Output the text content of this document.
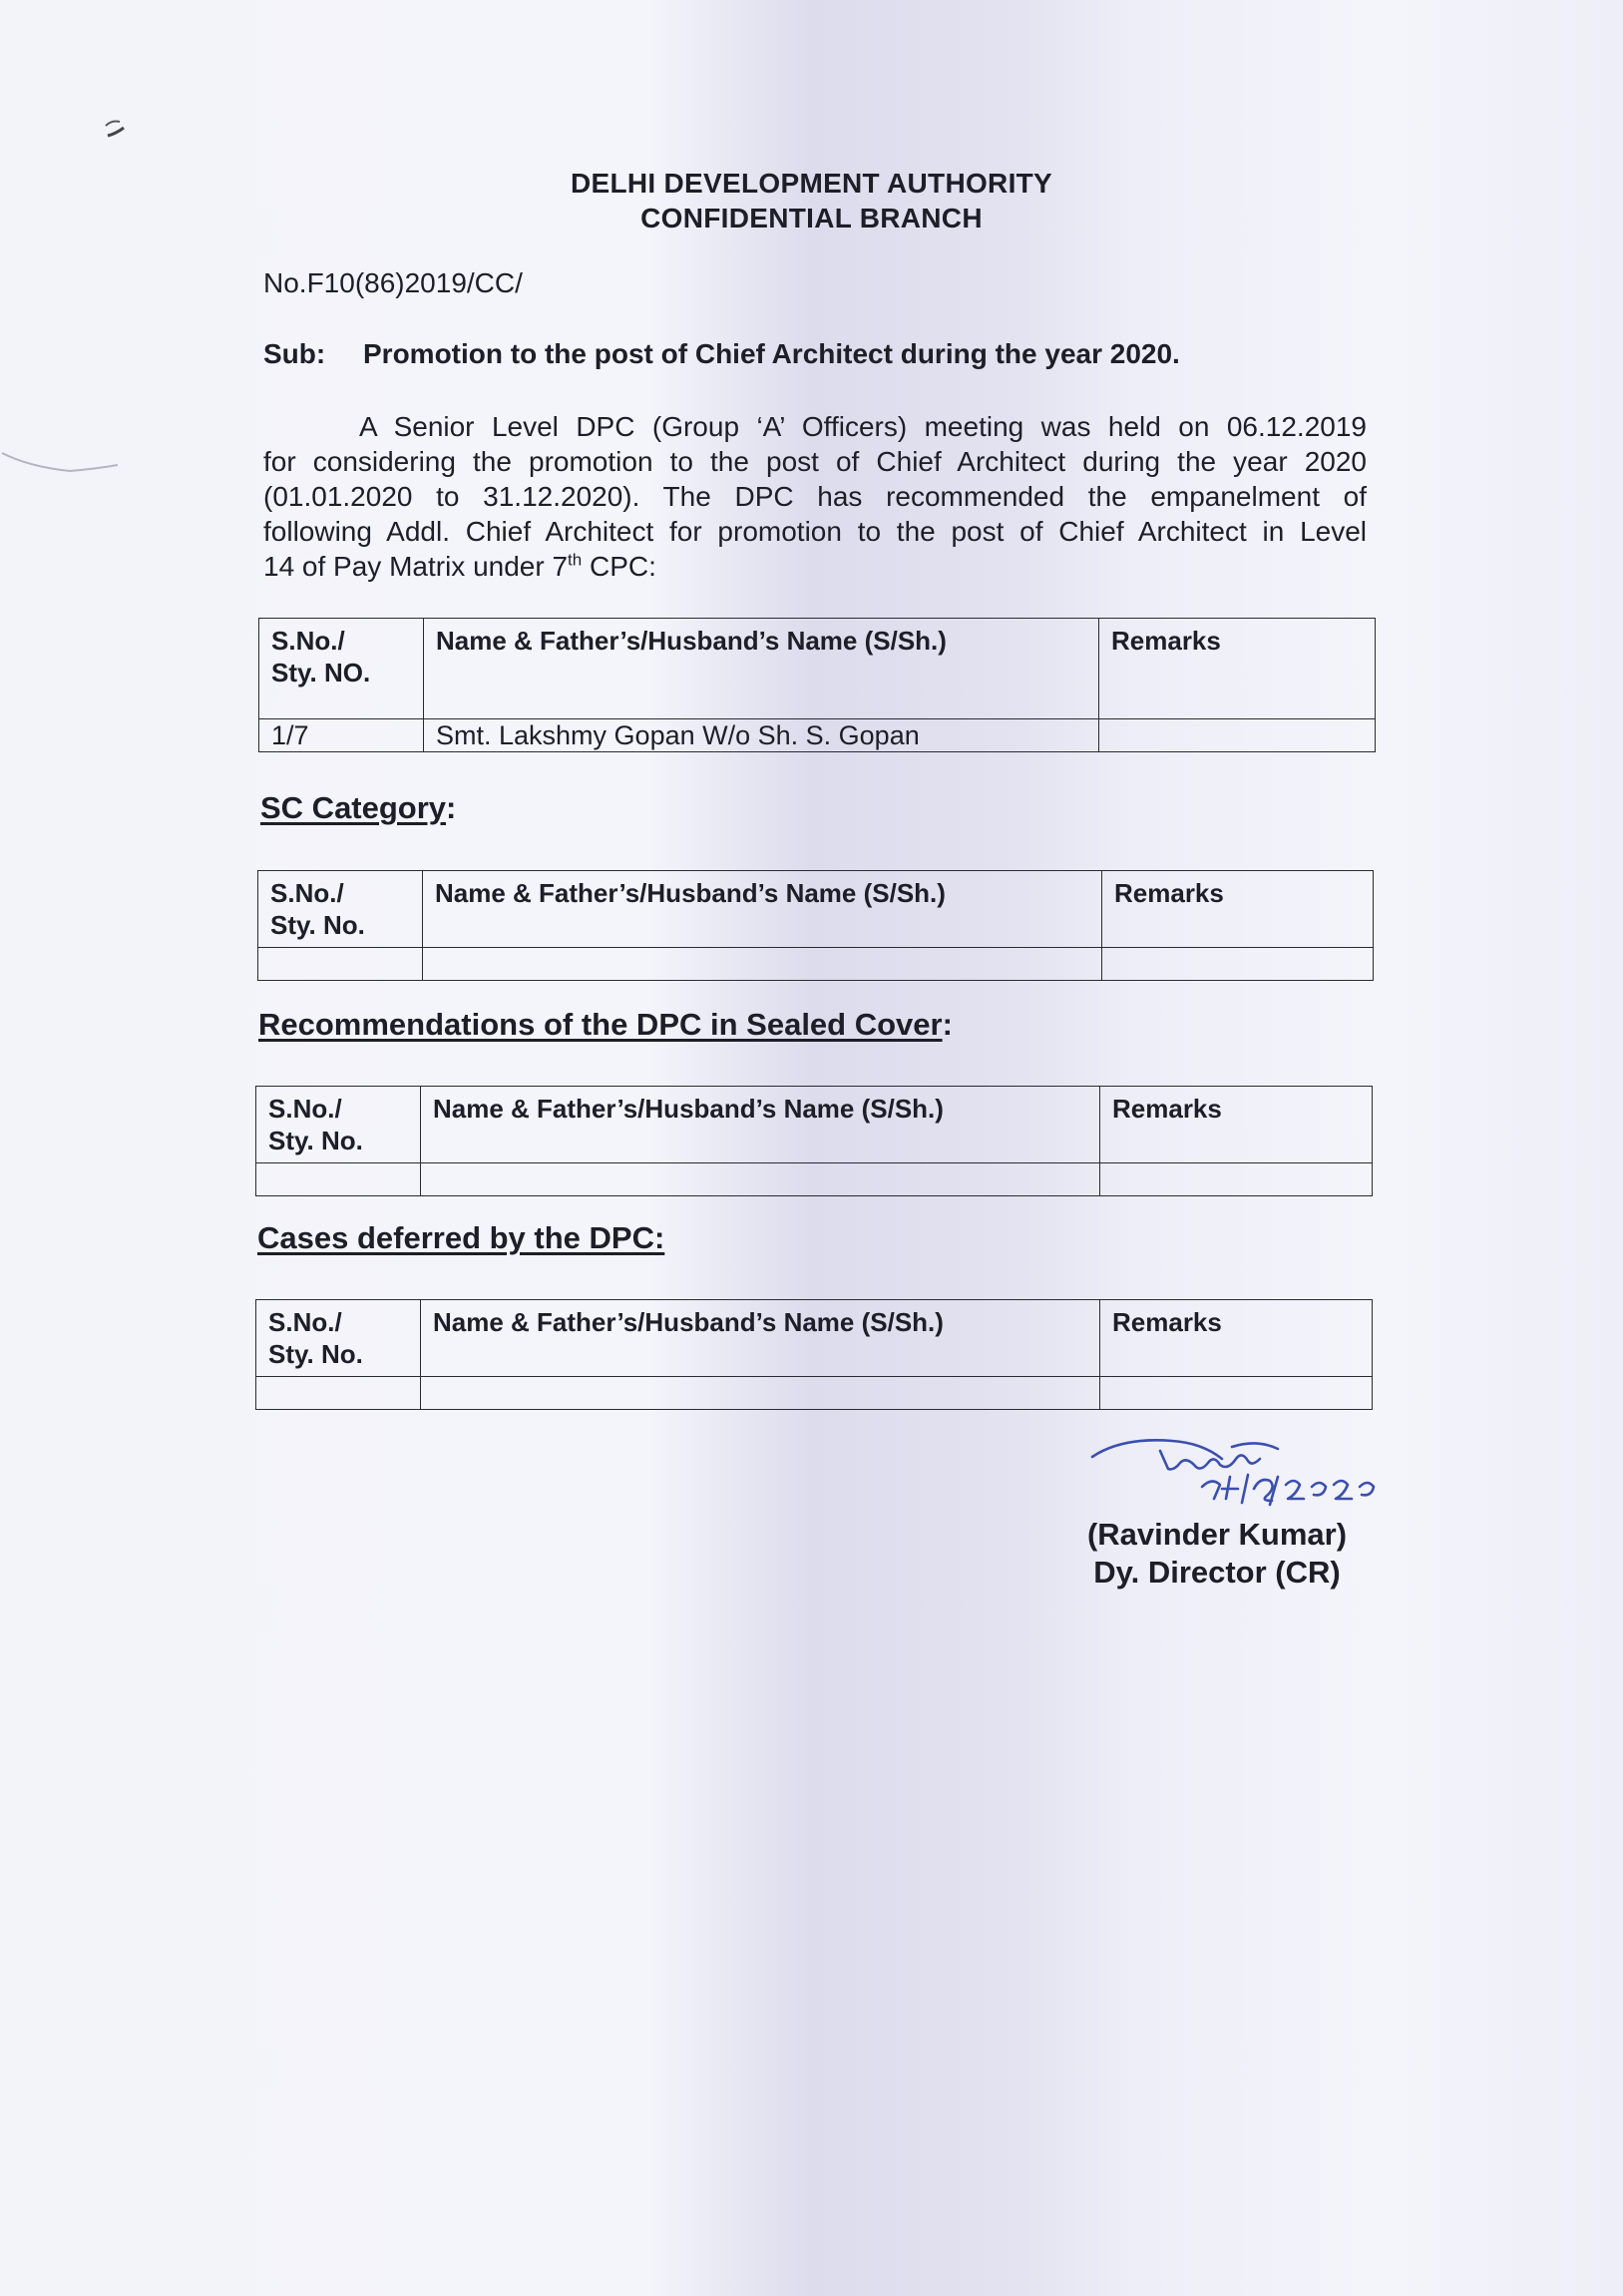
DELHI DEVELOPMENT AUTHORITY
CONFIDENTIAL BRANCH
No.F10(86)2019/CC/
Sub: Promotion to the post of Chief Architect during the year 2020.
A Senior Level DPC (Group ‘A’ Officers) meeting was held on 06.12.2019
for considering the promotion to the post of Chief Architect during the year 2020
(01.01.2020 to 31.12.2020). The DPC has recommended the empanelment of
following Addl. Chief Architect for promotion to the post of Chief Architect in Level
14 of Pay Matrix under 7th CPC:
S.No./
Sty. NO.	Name & Father’s/Husband’s Name (S/Sh.)	Remarks
1/7	Smt. Lakshmy Gopan W/o Sh. S. Gopan	
SC Category:
S.No./
Sty. No.	Name & Father’s/Husband’s Name (S/Sh.)	Remarks

Recommendations of the DPC in Sealed Cover:
S.No./
Sty. No.	Name & Father’s/Husband’s Name (S/Sh.)	Remarks

Cases deferred by the DPC:
S.No./
Sty. No.	Name & Father’s/Husband’s Name (S/Sh.)	Remarks

(Ravinder Kumar)
Dy. Director (CR)
